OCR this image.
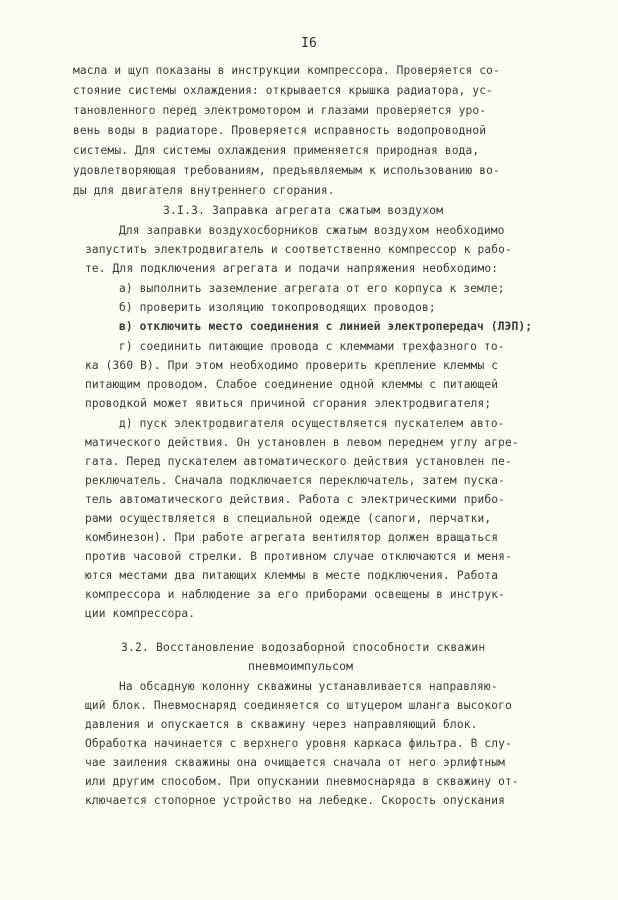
I6
масла и щуп показаны в инструкции компрессора. Проверяется со-
стояние системы охлаждения: открывается крышка радиатора, ус-
тановленного перед электромотором и глазами проверяется уро-
вень воды в радиаторе. Проверяется исправность водопроводной
системы. Для системы охлаждения применяется природная вода,
удовлетворяющая требованиям, предъявляемым к использованию во-
ды для двигателя внутреннего сгорания.
3.I.3. Заправка агрегата сжатым воздухом
Для заправки воздухосборников сжатым воздухом необходимо
запустить электродвигатель и соответственно компрессор к рабо-
те. Для подключения агрегата и подачи напряжения необходимо:
а) выполнить заземление агрегата от его корпуса к земле;
б) проверить изоляцию токопроводящих проводов;
в) отключить место соединения с линией электропередач (ЛЭП);
г) соединить питающие провода с клеммами трехфазного то-
ка (360 В). При этом необходимо проверить крепление клеммы с
питающим проводом. Слабое соединение одной клеммы с питающей
проводкой может явиться причиной сгорания электродвигателя;
д) пуск электродвигателя осуществляется пускателем авто-
матического действия. Он установлен в левом переднем углу агре-
гата. Перед пускателем автоматического действия установлен пе-
реключатель. Сначала подключается переключатель, затем пуска-
тель автоматического действия. Работа с электрическими прибо-
рами осуществляется в специальной одежде (сапоги, перчатки,
комбинезон). При работе агрегата вентилятор должен вращаться
против часовой стрелки. В противном случае отключаются и меня-
ются местами два питающих клеммы в месте подключения. Работа
компрессора и наблюдение за его приборами освещены в инструк-
ции компрессора.
3.2. Восстановление водозаборной способности скважин
пневмоимпульсом
На обсадную колонну скважины устанавливается направляю-
щий блок. Пневмоснаряд соединяется со штуцером шланга высокого
давления и опускается в скважину через направляющий блок.
Обработка начинается с верхнего уровня каркаса фильтра. В слу-
чае заиления скважины она очищается сначала от него эрлифтным
или другим способом. При опускании пневмоснаряда в скважину от-
ключается стопорное устройство на лебедке. Скорость опускания
